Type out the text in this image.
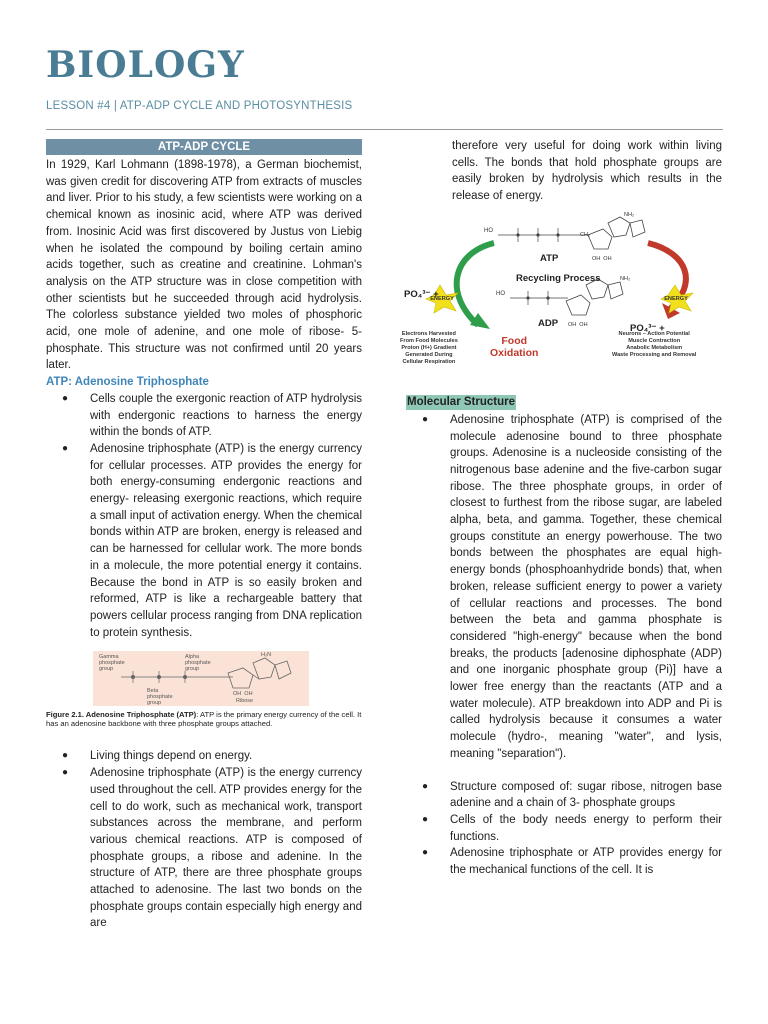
BIOLOGY
LESSON #4 | ATP-ADP CYCLE AND PHOTOSYNTHESIS
ATP-ADP CYCLE

In 1929, Karl Lohmann (1898-1978), a German biochemist, was given credit for discovering ATP from extracts of muscles and liver. Prior to his study, a few scientists were working on a chemical known as inosinic acid, where ATP was derived from. Inosinic Acid was first discovered by Justus von Liebig when he isolated the compound by boiling certain amino acids together, such as creatine and creatinine. Lohman's analysis on the ATP structure was in close competition with other scientists but he succeeded through acid hydrolysis. The colorless substance yielded two moles of phosphoric acid, one mole of adenine, and one mole of ribose- 5-phosphate. This structure was not confirmed until 20 years later.

ATP: Adenosine Triphosphate

● Cells couple the exergonic reaction of ATP hydrolysis with endergonic reactions to harness the energy within the bonds of ATP.
● Adenosine triphosphate (ATP) is the energy currency for cellular processes. ATP provides the energy for both energy-consuming endergonic reactions and energy- releasing exergonic reactions, which require a small input of activation energy. When the chemical bonds within ATP are broken, energy is released and can be harnessed for cellular work. The more bonds in a molecule, the more potential energy it contains. Because the bond in ATP is so easily broken and reformed, ATP is like a rechargeable battery that powers cellular process ranging from DNA replication to protein synthesis.
Gamma
phosphate
group
Alpha
phosphate
group
Beta
phosphate
group
OH  OH
Ribose
H₂N
Figure 2.1. Adenosine Triphosphate (ATP): ATP is the primary energy currency of the cell. It has an adenosine backbone with three phosphate groups attached.
● Living things depend on energy.
● Adenosine triphosphate (ATP) is the energy currency used throughout the cell. ATP provides energy for the cell to do work, such as mechanical work, transport substances across the membrane, and perform various chemical reactions. ATP is composed of phosphate groups, a ribose and adenine. In the structure of ATP, there are three phosphate groups attached to adenosine. The last two bonds on the phosphate groups contain especially high energy and are

therefore very useful for doing work within living cells. The bonds that hold phosphate groups are easily broken by hydrolysis which results in the release of energy.

ATP
Recycling Process
ADP
PO₄³⁻ +
PO₄³⁻ +
ENERGY	ENERGY
HO
HO
CH₂
NH₂
NH₂
OH  OH
OH  OH
Electrons Harvested
From Food Molecules
Proton (H+) Gradient
Generated During
Cellular Respiration
Food
Oxidation
Neurons – Action Potential
Muscle Contraction
Anabolic Metabolism
Waste Processing and Removal
Molecular Structure
● Adenosine triphosphate (ATP) is comprised of the molecule adenosine bound to three phosphate groups. Adenosine is a nucleoside consisting of the nitrogenous base adenine and the five-carbon sugar ribose. The three phosphate groups, in order of closest to furthest from the ribose sugar, are labeled alpha, beta, and gamma. Together, these chemical groups constitute an energy powerhouse. The two bonds between the phosphates are equal high-energy bonds (phosphoanhydride bonds) that, when broken, release sufficient energy to power a variety of cellular reactions and processes. The bond between the beta and gamma phosphate is considered "high-energy" because when the bond breaks, the products [adenosine diphosphate (ADP) and one inorganic phosphate group (Pi)] have a lower free energy than the reactants (ATP and a water molecule). ATP breakdown into ADP and Pi is called hydrolysis because it consumes a water molecule (hydro-, meaning "water", and lysis, meaning "separation").
● Structure composed of: sugar ribose, nitrogen base adenine and a chain of 3- phosphate groups
● Cells of the body needs energy to perform their functions.
● Adenosine triphosphate or ATP provides energy for the mechanical functions of the cell. It is
